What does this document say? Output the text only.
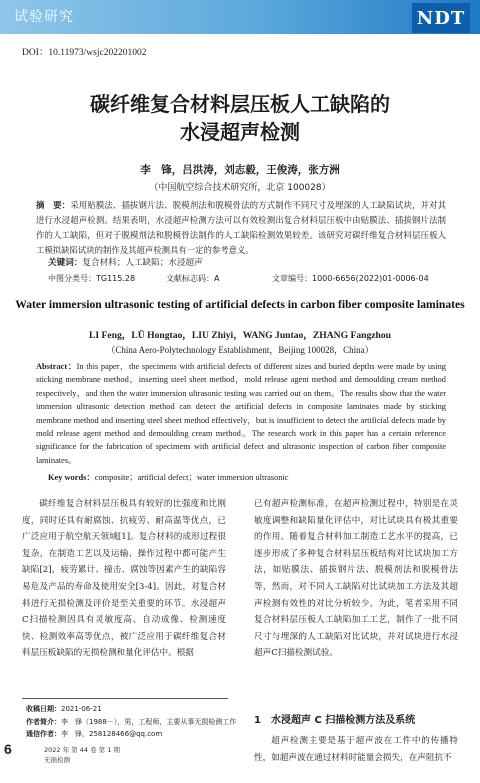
试验研究	NDT
DOI：10.11973/wsjc202201002
碳纤维复合材料层压板人工缺陷的
水浸超声检测
李　锋，吕洪涛，刘志毅，王俊涛，张方洲
（中国航空综合技术研究所，北京 100028）
摘　要：采用贴膜法、插拔钢片法、脱模剂法和脱模骨法的方式制作不同尺寸及埋深的人工缺陷试块，并对其进行水浸超声检测。结果表明，水浸超声检测方法可以有效检测出复合材料层压板中由贴膜法、插拔钢片法制作的人工缺陷，但对于脱模剂法和脱模骨法制作的人工缺陷检测效果较差。该研究对碳纤维复合材料层压板人工模拟缺陷试块的制作及其超声检测具有一定的参考意义。
关键词：复合材料；人工缺陷；水浸超声
中图分类号：TG115.28	文献标志码：A	文章编号：1000-6656(2022)01-0006-04
Water immersion ultrasonic testing of artificial defects in carbon fiber composite laminates
LI Feng，LÜ Hongtao，LIU Zhiyi，WANG Juntao，ZHANG Fangzhou
（China Aero-Polytechnology Establishment，Beijing 100028，China）
Abstract：In this paper，the specimens with artificial defects of different sizes and buried depths were made by using sticking membrane method，inserting steel sheet method，mold release agent method and demoulding cream method respectively，and then the water immersion ultrasonic testing was carried out on them。The results show that the water immersion ultrasonic detection method can detect the artificial defects in composite laminates made by sticking membrane method and inserting steel sheet method effectively，but is insufficient to detect the artificial defects made by mold release agent method and demoulding cream method。The research work in this paper has a certain reference significance for the fabrication of specimens with artificial defect and ultrasonic inspection of carbon fiber composite laminates。
Key words：composite；artificial defect；water immersion ultrasonic
碳纤维复合材料层压板具有较好的比强度和比刚度，同时还具有耐腐蚀、抗疲劳、耐高温等优点，已广泛应用于航空航天领域[1]。复合材料的成形过程很复杂，在制造工艺以及运输、操作过程中都可能产生缺陷[2]，疲劳累计、撞击、腐蚀等因素产生的缺陷容易危及产品的寿命及使用安全[3-4]。因此，对复合材料进行无损检测及评价是至关重要的环节。水浸超声C扫描检测因具有灵敏度高、自动成像、检测速度快、检测效率高等优点，被广泛应用于碳纤维复合材料层压板缺陷的无损检测和量化评估中。根据
已有超声检测标准，在超声检测过程中，特别是在灵敏度调整和缺陷量化评估中，对比试块具有极其重要的作用。随着复合材料加工制造工艺水平的提高，已逐步形成了多种复合材料层压板结构对比试块加工方法，如贴膜法、插拔钢片法、脱模剂法和脱模骨法等，然而，对不同人工缺陷对比试块加工方法及其超声检测有效性的对比分析较少。为此，笔者采用不同复合材料层压板人工缺陷加工工艺，制作了一批不同尺寸与埋深的人工缺陷对比试块，并对试块进行水浸超声C扫描检测试验。
1　水浸超声 C 扫描检测方法及系统
超声检测主要是基于超声波在工件中的传播特性，如超声波在通过材料时能量会损失，在声阻抗不
收稿日期：2021-06-21
作者简介：李　锋（1988－），男，工程师，主要从事无损检测工作
通信作者：李　锋，258128466@qq.com
6	2022 年 第 44 卷 第 1 期
无损检测
